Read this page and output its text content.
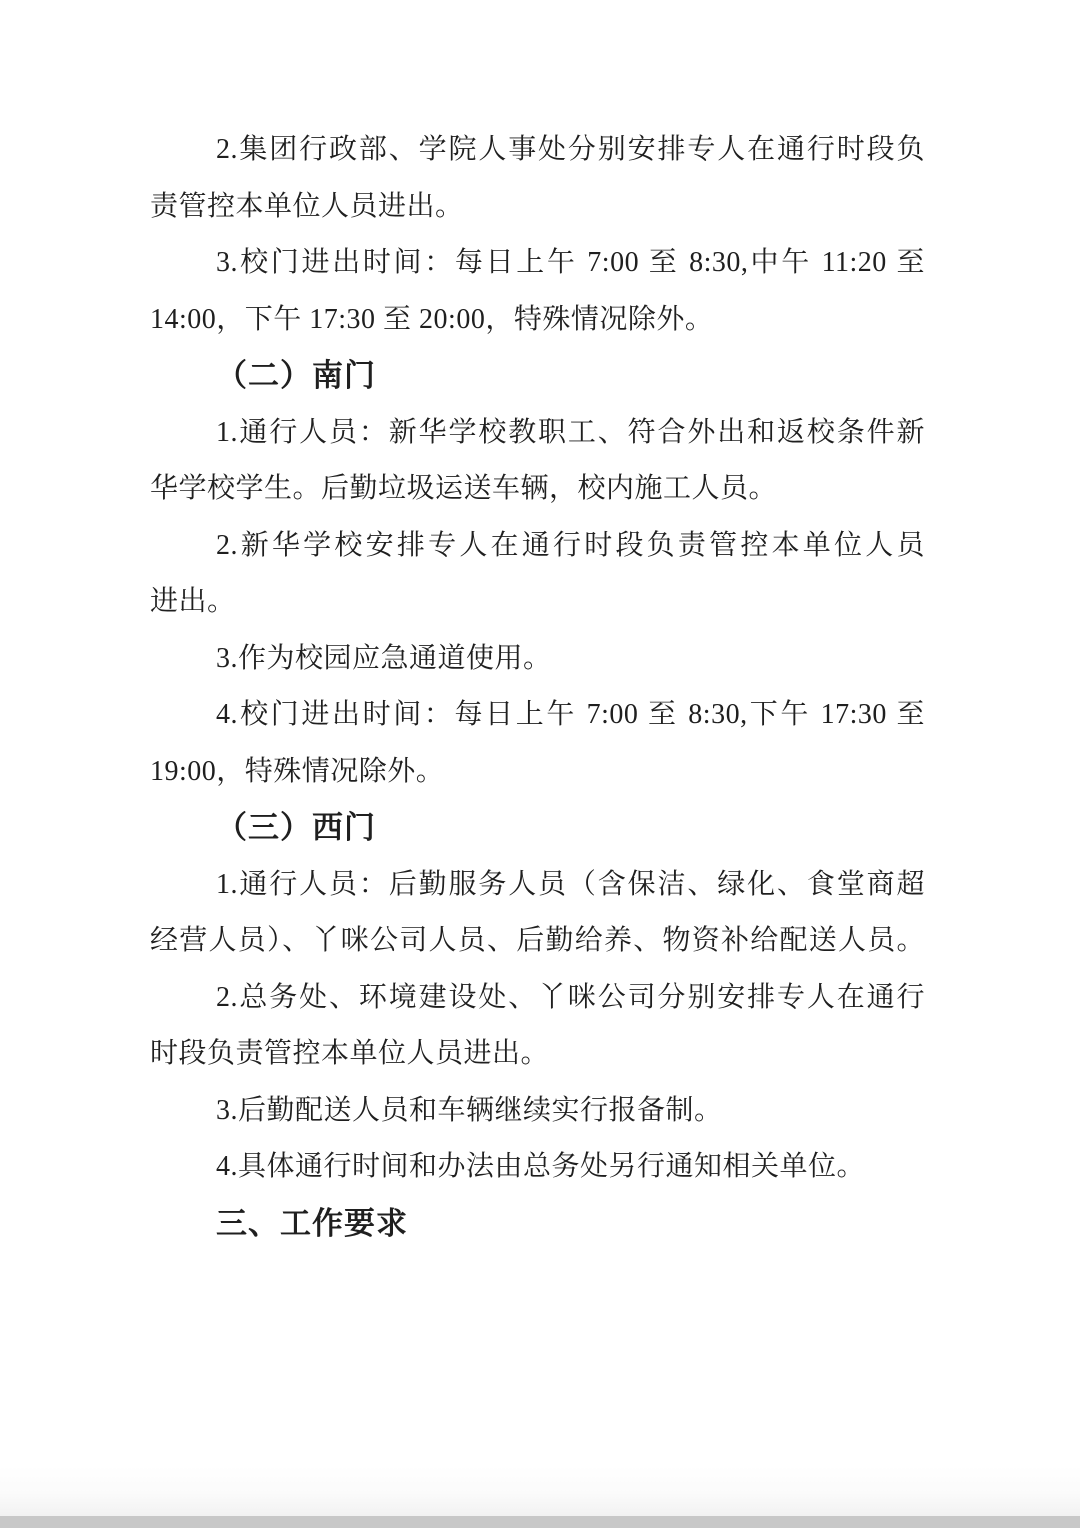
2.集团行政部、学院人事处分别安排专人在通行时段负
责管控本单位人员进出。
3.校门进出时间：每日上午 7:00 至 8:30,中午 11:20 至
14:00，下午 17:30 至 20:00，特殊情况除外。
（二）南门
1.通行人员：新华学校教职工、符合外出和返校条件新
华学校学生。后勤垃圾运送车辆，校内施工人员。
2.新华学校安排专人在通行时段负责管控本单位人员
进出。
3.作为校园应急通道使用。
4.校门进出时间：每日上午 7:00 至 8:30,下午 17:30 至
19:00，特殊情况除外。
（三）西门
1.通行人员：后勤服务人员（含保洁、绿化、食堂商超
经营人员）、丫咪公司人员、后勤给养、物资补给配送人员。
2.总务处、环境建设处、丫咪公司分别安排专人在通行
时段负责管控本单位人员进出。
3.后勤配送人员和车辆继续实行报备制。
4.具体通行时间和办法由总务处另行通知相关单位。
三、工作要求
